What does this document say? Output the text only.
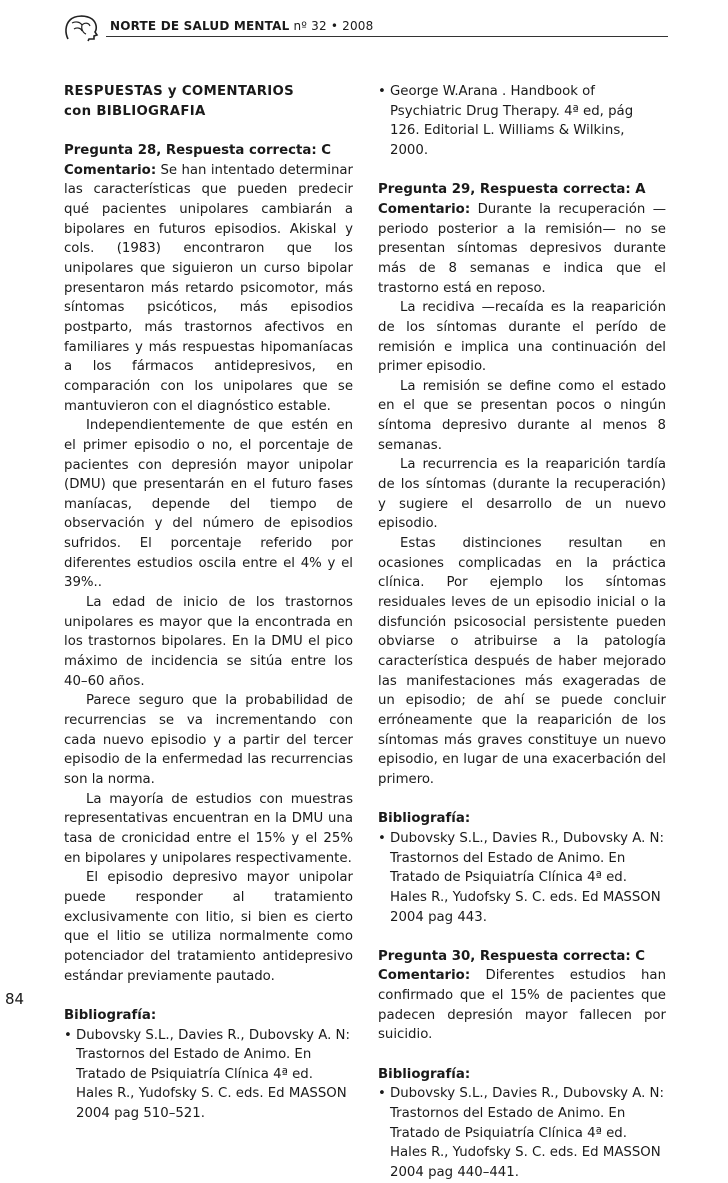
NORTE DE SALUD MENTAL nº 32 • 2008

RESPUESTAS y COMENTARIOS

con BIBLIOGRAFIA

Pregunta 28, Respuesta correcta: C

Comentario: Se han intentado determinar las características que pueden predecir qué pacientes unipolares cambiarán a bipolares en futuros episodios. Akiskal y cols. (1983) encontraron que los unipolares que siguieron un curso bipolar presentaron más retardo psicomotor, más síntomas psicóticos, más episodios postparto, más trastornos afectivos en familiares y más respuestas hipomaníacas a los fármacos antidepresivos, en comparación con los unipolares que se mantuvieron con el diagnóstico estable.

Independientemente de que estén en el primer episodio o no, el porcentaje de pacientes con depresión mayor unipolar (DMU) que presentarán en el futuro fases maníacas, depende del tiempo de observación y del número de episodios sufridos. El porcentaje referido por diferentes estudios oscila entre el 4% y el 39%..

La edad de inicio de los trastornos unipolares es mayor que la encontrada en los trastornos bipolares. En la DMU el pico máximo de incidencia se sitúa entre los 40–60 años.

Parece seguro que la probabilidad de recurrencias se va incrementando con cada nuevo episodio y a partir del tercer episodio de la enfermedad las recurrencias son la norma.

La mayoría de estudios con muestras representativas encuentran en la DMU una tasa de cronicidad entre el 15% y el 25% en bipolares y unipolares respectivamente.

El episodio depresivo mayor unipolar puede responder al tratamiento exclusivamente con litio, si bien es cierto que el litio se utiliza normalmente como potenciador del tratamiento antidepresivo estándar previamente pautado.

Bibliografía:

• Dubovsky S.L., Davies R., Dubovsky A. N: Trastornos del Estado de Animo. En Tratado de Psiquiatría Clínica 4ª ed. Hales R., Yudofsky S. C. eds. Ed MASSON 2004 pag 510–521.
• George W.Arana . Handbook of Psychiatric Drug Therapy. 4ª ed, pág 126. Editorial L. Williams & Wilkins, 2000.

Pregunta 29, Respuesta correcta: A

Comentario: Durante la recuperación —periodo posterior a la remisión— no se presentan síntomas depresivos durante más de 8 semanas e indica que el trastorno está en reposo.

La recidiva —recaída es la reaparición de los síntomas durante el perído de remisión e implica una continuación del primer episodio.

La remisión se define como el estado en el que se presentan pocos o ningún síntoma depresivo durante al menos 8 semanas.

La recurrencia es la reaparición tardía de los síntomas (durante la recuperación) y sugiere el desarrollo de un nuevo episodio.

Estas distinciones resultan en ocasiones complicadas en la práctica clínica. Por ejemplo los síntomas residuales leves de un episodio inicial o la disfunción psicosocial persistente pueden obviarse o atribuirse a la patología característica después de haber mejorado las manifestaciones más exageradas de un episodio; de ahí se puede concluir erróneamente que la reaparición de los síntomas más graves constituye un nuevo episodio, en lugar de una exacerbación del primero.

Bibliografía:

• Dubovsky S.L., Davies R., Dubovsky A. N: Trastornos del Estado de Animo. En Tratado de Psiquiatría Clínica 4ª ed. Hales R., Yudofsky S. C. eds. Ed MASSON 2004 pag 443.

Pregunta 30, Respuesta correcta: C

Comentario: Diferentes estudios han confirmado que el 15% de pacientes que padecen depresión mayor fallecen por suicidio.

Bibliografía:

• Dubovsky S.L., Davies R., Dubovsky A. N: Trastornos del Estado de Animo. En Tratado de Psiquiatría Clínica 4ª ed. Hales R., Yudofsky S. C. eds. Ed MASSON 2004 pag 440–441.
84
